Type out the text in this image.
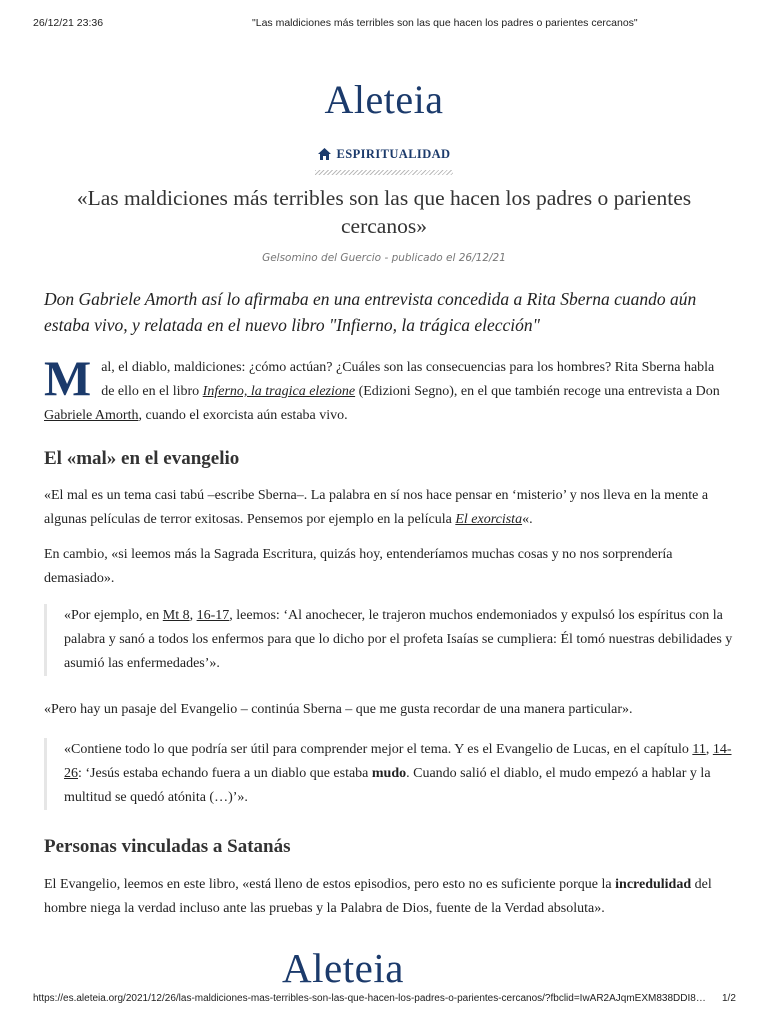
26/12/21 23:36	"Las maldiciones más terribles son las que hacen los padres o parientes cercanos"
Aleteia
ESPIRITUALIDAD
«Las maldiciones más terribles son las que hacen los padres o parientes cercanos»
Gelsomino del Guercio - publicado el 26/12/21

Don Gabriele Amorth así lo afirmaba en una entrevista concedida a Rita Sberna cuando aún estaba vivo, y relatada en el nuevo libro "Infierno, la trágica elección"

Mal, el diablo, maldiciones: ¿cómo actúan? ¿Cuáles son las consecuencias para los hombres? Rita Sberna habla de ello en el libro Inferno, la tragica elezione (Edizioni Segno), en el que también recoge una entrevista a Don Gabriele Amorth, cuando el exorcista aún estaba vivo.

El «mal» en el evangelio

«El mal es un tema casi tabú –escribe Sberna–. La palabra en sí nos hace pensar en ‘misterio’ y nos lleva en la mente a algunas películas de terror exitosas. Pensemos por ejemplo en la película El exorcista«.

En cambio, «si leemos más la Sagrada Escritura, quizás hoy, entenderíamos muchas cosas y no nos sorprendería demasiado».

«Por ejemplo, en Mt 8, 16-17, leemos: ‘Al anochecer, le trajeron muchos endemoniados y expulsó los espíritus con la palabra y sanó a todos los enfermos para que lo dicho por el profeta Isaías se cumpliera: Él tomó nuestras debilidades y asumió las enfermedades’».

«Pero hay un pasaje del Evangelio – continúa Sberna – que me gusta recordar de una manera particular».

«Contiene todo lo que podría ser útil para comprender mejor el tema. Y es el Evangelio de Lucas, en el capítulo 11, 14-26: ‘Jesús estaba echando fuera a un diablo que estaba mudo. Cuando salió el diablo, el mudo empezó a hablar y la multitud se quedó atónita (…)’».

Personas vinculadas a Satanás

El Evangelio, leemos en este libro, «está lleno de estos episodios, pero esto no es suficiente porque la incredulidad del hombre niega la verdad incluso ante las pruebas y la Palabra de Dios, fuente de la Verdad absoluta».

Aleteia
https://es.aleteia.org/2021/12/26/las-maldiciones-mas-terribles-son-las-que-hacen-los-padres-o-parientes-cercanos/?fbclid=IwAR2AJqmEXM838DDI8…	1/2
